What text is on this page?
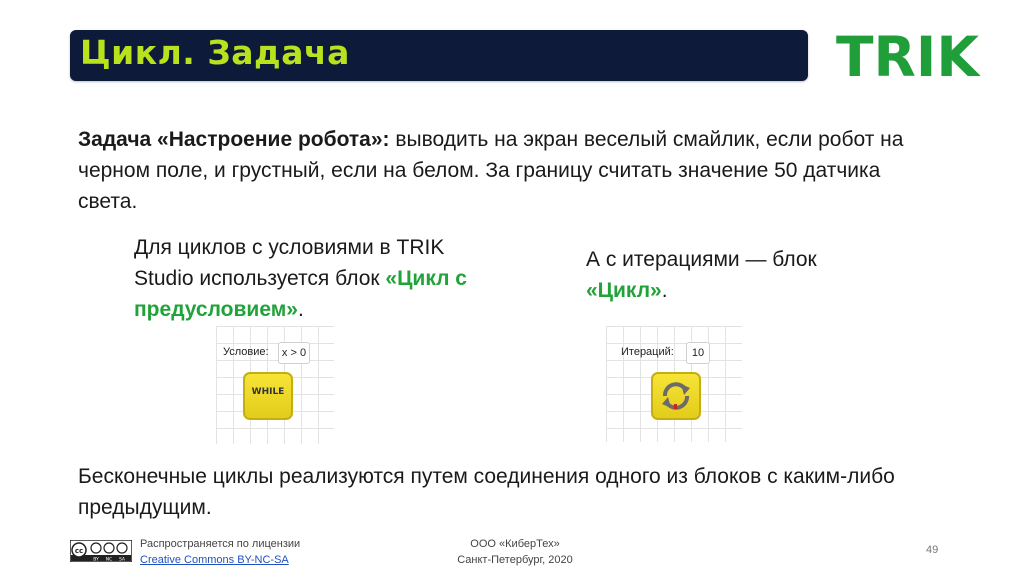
Цикл. Задача	TRIK
Задача «Настроение робота»: выводить на экран веселый смайлик, если робот на черном поле, и грустный, если на белом. За границу считать значение 50 датчика света.
Для циклов с условиями в TRIK Studio используется блок «Цикл с предусловием».
А с итерациями — блок «Цикл».
Условие:	x > 0
WHILE
Итераций:	10
Бесконечные циклы реализуются путем соединения одного из блоков с каким-либо предыдущим.
cc
BY NC SA
Распространяется по лицензии
Creative Commons BY-NC-SA
ООО «КиберТех»
Санкт-Петербург, 2020
49
